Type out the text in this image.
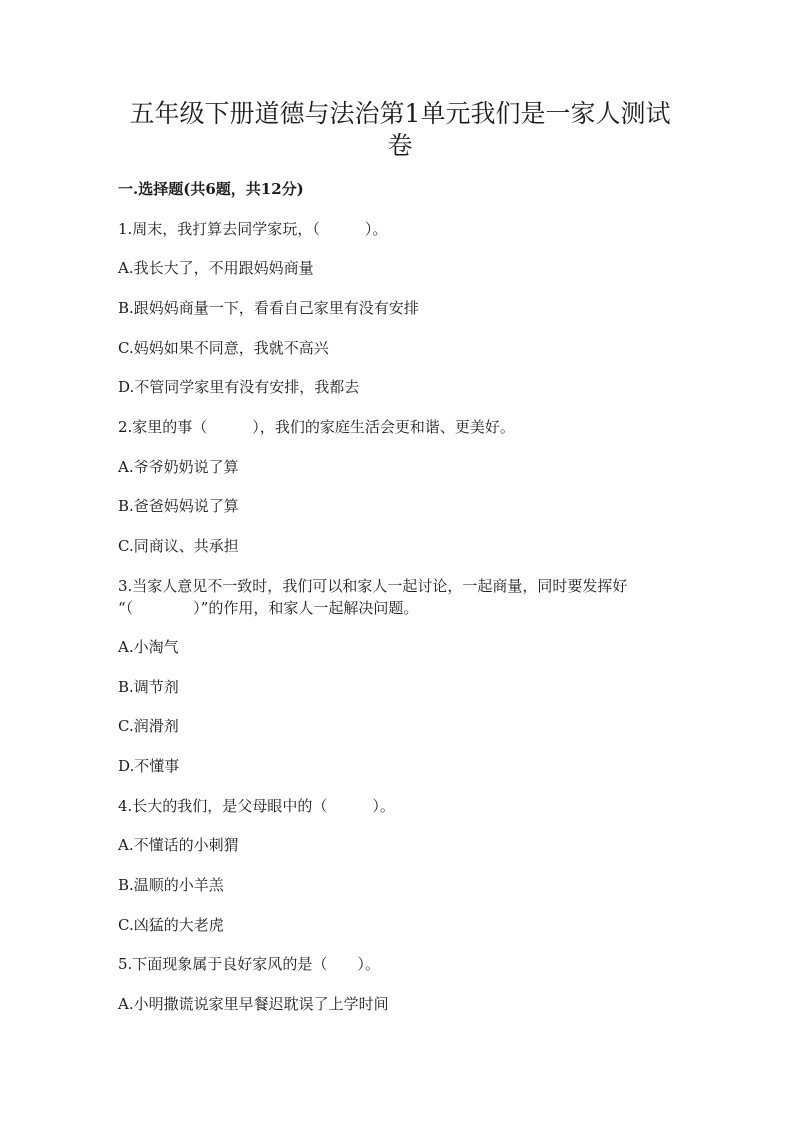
五年级下册道德与法治第1单元我们是一家人测试
卷
一.选择题(共6题，共12分)
1.周末，我打算去同学家玩，（　　　）。
A.我长大了，不用跟妈妈商量
B.跟妈妈商量一下，看看自己家里有没有安排
C.妈妈如果不同意，我就不高兴
D.不管同学家里有没有安排，我都去
2.家里的事（　　　），我们的家庭生活会更和谐、更美好。
A.爷爷奶奶说了算
B.爸爸妈妈说了算
C.同商议、共承担
3.当家人意见不一致时，我们可以和家人一起讨论，一起商量，同时要发挥好
“（　　　　）”的作用，和家人一起解决问题。
A.小淘气
B.调节剂
C.润滑剂
D.不懂事
4.长大的我们，是父母眼中的（　　　）。
A.不懂话的小刺猬
B.温顺的小羊羔
C.凶猛的大老虎
5.下面现象属于良好家风的是（　　）。
A.小明撒谎说家里早餐迟耽误了上学时间
